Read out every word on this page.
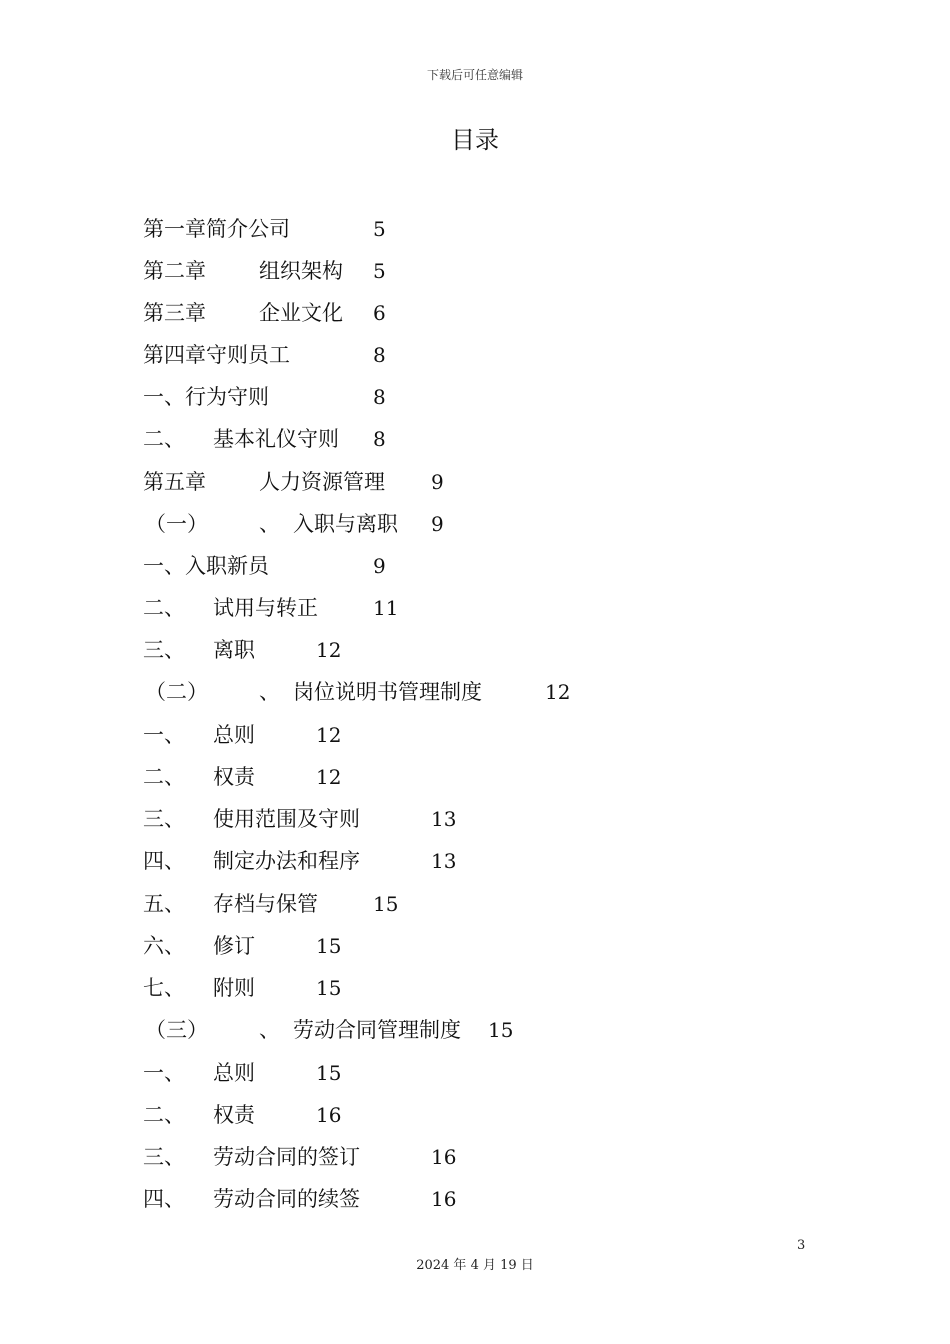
下载后可任意编辑
目录
第一章简介公司	5
第二章	组织架构 5
第三章	企业文化 6
第四章守则员工	8
一、行为守则	8
二、 基本礼仪守则 8
第五章	人力资源管理 9
（一） 、 入职与离职 9
一、入职新员	9
二、 试用与转正	11
三、 离职	12
（二） 、 岗位说明书管理制度	12
一、 总则	12
二、 权责	12
三、 使用范围及守则	13
四、 制定办法和程序	13
五、 存档与保管	15
六、 修订	15
七、 附则	15
（三） 、 劳动合同管理制度 15
一、 总则	15
二、 权责	16
三、 劳动合同的签订	16
四、 劳动合同的续签	16
3
2024 年 4 月 19 日
